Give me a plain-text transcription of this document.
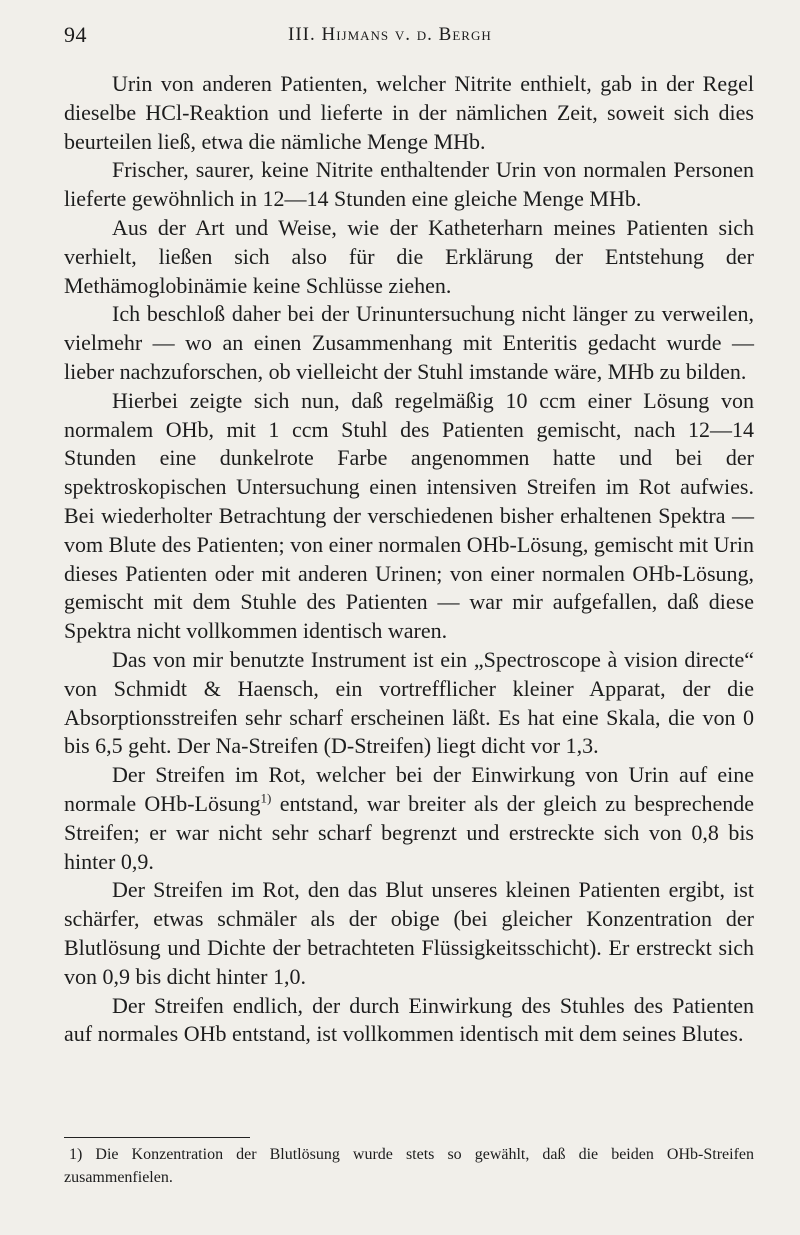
94	III. Hijmans v. d. Bergh

Urin von anderen Patienten, welcher Nitrite enthielt, gab in der Regel dieselbe HCl-Reaktion und lieferte in der nämlichen Zeit, soweit sich dies beurteilen ließ, etwa die nämliche Menge MHb.

Frischer, saurer, keine Nitrite enthaltender Urin von normalen Personen lieferte gewöhnlich in 12—14 Stunden eine gleiche Menge MHb.

Aus der Art und Weise, wie der Katheterharn meines Patienten sich verhielt, ließen sich also für die Erklärung der Entstehung der Methämoglobinämie keine Schlüsse ziehen.

Ich beschloß daher bei der Urinuntersuchung nicht länger zu verweilen, vielmehr — wo an einen Zusammenhang mit Enteritis gedacht wurde — lieber nachzuforschen, ob vielleicht der Stuhl imstande wäre, MHb zu bilden.

Hierbei zeigte sich nun, daß regelmäßig 10 ccm einer Lösung von normalem OHb, mit 1 ccm Stuhl des Patienten gemischt, nach 12—14 Stunden eine dunkelrote Farbe angenommen hatte und bei der spektroskopischen Untersuchung einen intensiven Streifen im Rot aufwies. Bei wiederholter Betrachtung der verschiedenen bisher erhaltenen Spektra — vom Blute des Patienten; von einer normalen OHb-Lösung, gemischt mit Urin dieses Patienten oder mit anderen Urinen; von einer normalen OHb-Lösung, gemischt mit dem Stuhle des Patienten — war mir aufgefallen, daß diese Spektra nicht vollkommen identisch waren.

Das von mir benutzte Instrument ist ein „Spectroscope à vision directe“ von Schmidt & Haensch, ein vortrefflicher kleiner Apparat, der die Absorptionsstreifen sehr scharf erscheinen läßt. Es hat eine Skala, die von 0 bis 6,5 geht. Der Na-Streifen (D-Streifen) liegt dicht vor 1,3.

Der Streifen im Rot, welcher bei der Einwirkung von Urin auf eine normale OHb-Lösung$^{1)}$ entstand, war breiter als der gleich zu besprechende Streifen; er war nicht sehr scharf begrenzt und erstreckte sich von 0,8 bis hinter 0,9.

Der Streifen im Rot, den das Blut unseres kleinen Patienten ergibt, ist schärfer, etwas schmäler als der obige (bei gleicher Konzentration der Blutlösung und Dichte der betrachteten Flüssigkeitsschicht). Er erstreckt sich von 0,9 bis dicht hinter 1,0.

Der Streifen endlich, der durch Einwirkung des Stuhles des Patienten auf normales OHb entstand, ist vollkommen identisch mit dem seines Blutes.

1) Die Konzentration der Blutlösung wurde stets so gewählt, daß die beiden OHb-Streifen zusammenfielen.
